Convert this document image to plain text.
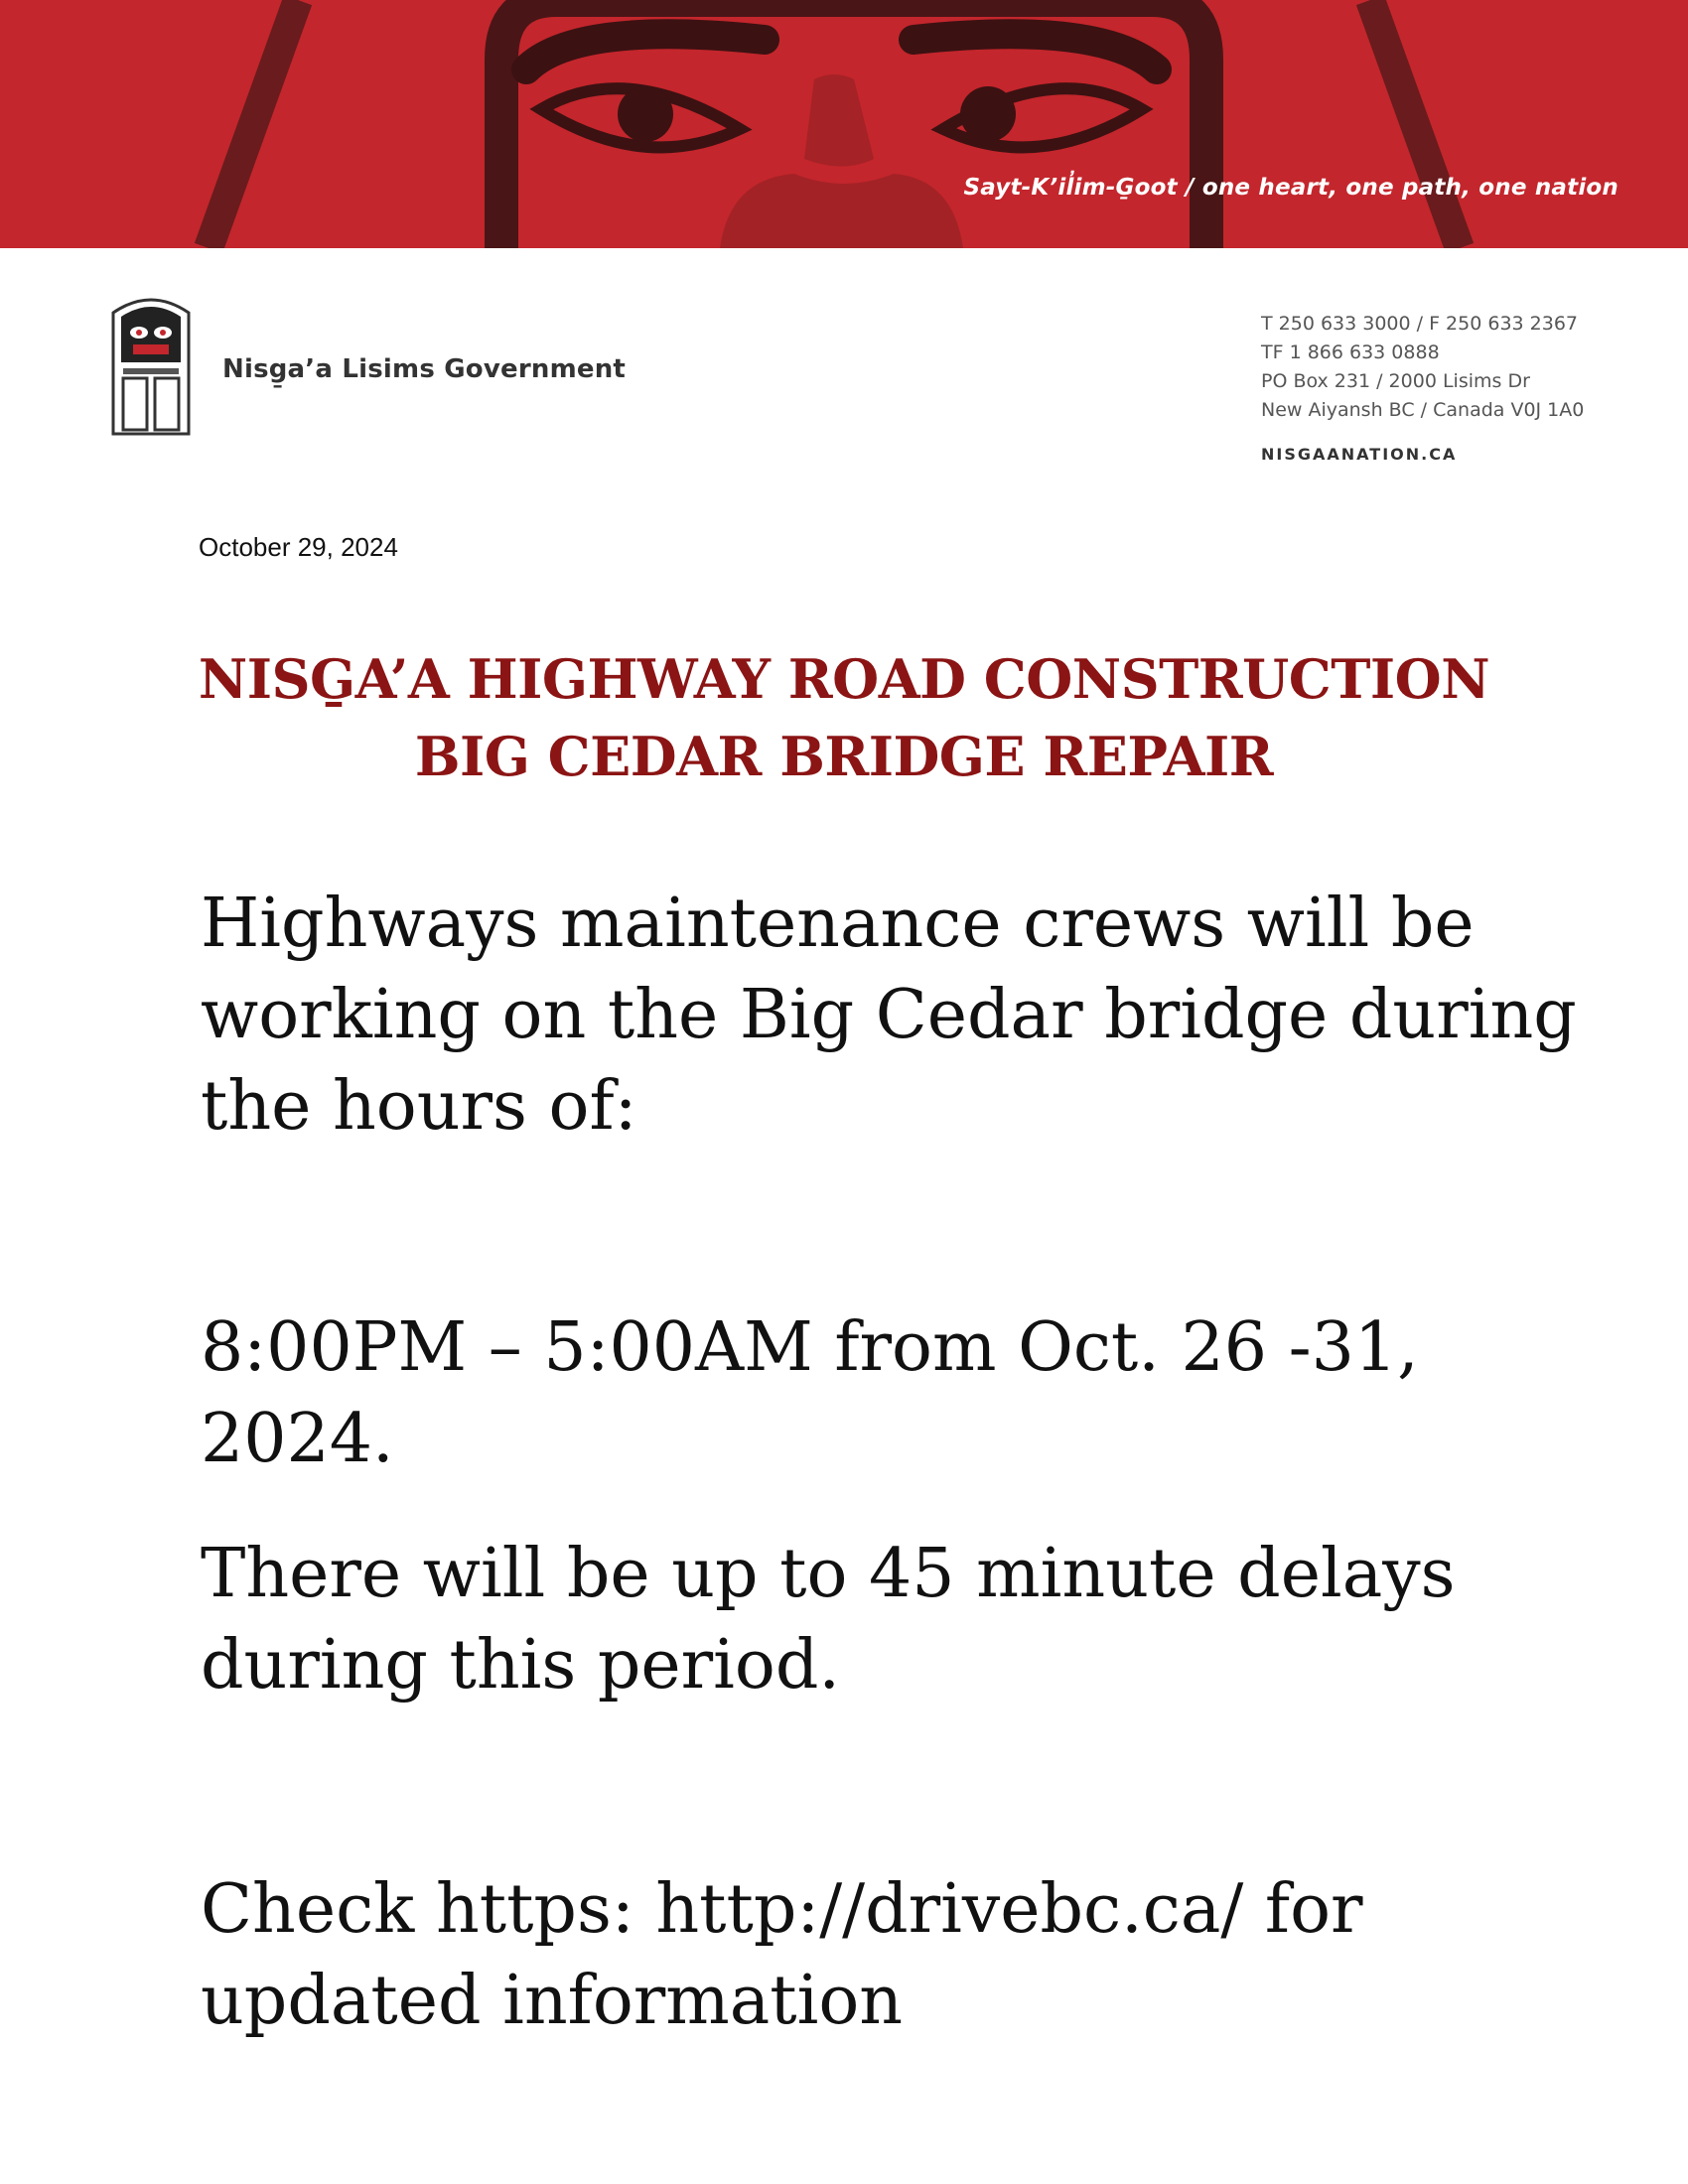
Sayt-K’il̓im-G̱oot / one heart, one path, one nation
Nisg̱a’a Lisims Government
T 250 633 3000 / F 250 633 2367
TF 1 866 633 0888
PO Box 231 / 2000 Lisims Dr
New Aiyansh BC / Canada V0J 1A0
NISGAANATION.CA
October 29, 2024
NISG̱A’A HIGHWAY ROAD CONSTRUCTION
BIG CEDAR BRIDGE REPAIR
Highways maintenance crews will be working on the Big Cedar bridge during the hours of:
8:00PM – 5:00AM from Oct. 26 -31, 2024.
There will be up to 45 minute delays during this period.
Check https: http://drivebc.ca/ for updated information
